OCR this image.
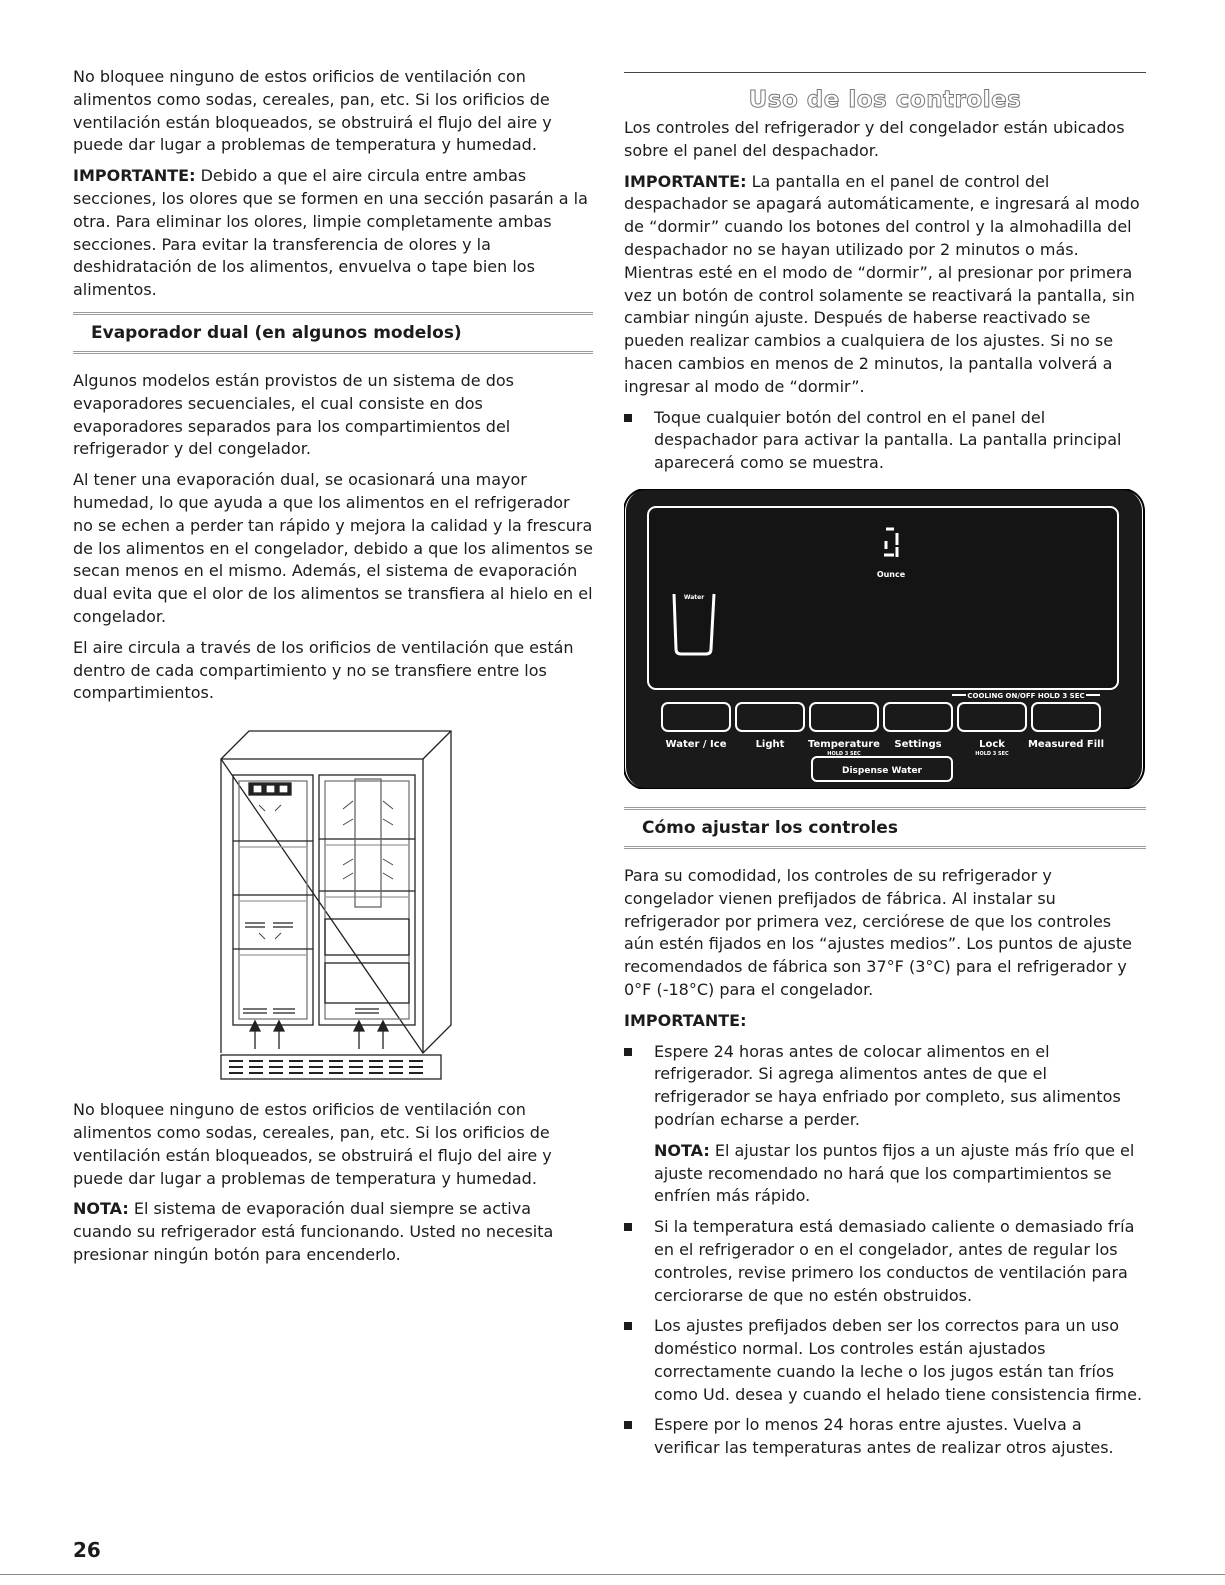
No bloquee ninguno de estos orificios de ventilación con alimentos como sodas, cereales, pan, etc. Si los orificios de ventilación están bloqueados, se obstruirá el flujo del aire y puede dar lugar a problemas de temperatura y humedad.

IMPORTANTE: Debido a que el aire circula entre ambas secciones, los olores que se formen en una sección pasarán a la otra. Para eliminar los olores, limpie completamente ambas secciones. Para evitar la transferencia de olores y la deshidratación de los alimentos, envuelva o tape bien los alimentos.

Evaporador dual (en algunos modelos)

Algunos modelos están provistos de un sistema de dos evaporadores secuenciales, el cual consiste en dos evaporadores separados para los compartimientos del refrigerador y del congelador.

Al tener una evaporación dual, se ocasionará una mayor humedad, lo que ayuda a que los alimentos en el refrigerador no se echen a perder tan rápido y mejora la calidad y la frescura de los alimentos en el congelador, debido a que los alimentos se secan menos en el mismo. Además, el sistema de evaporación dual evita que el olor de los alimentos se transfiera al hielo en el congelador.

El aire circula a través de los orificios de ventilación que están dentro de cada compartimiento y no se transfiere entre los compartimientos.

No bloquee ninguno de estos orificios de ventilación con alimentos como sodas, cereales, pan, etc. Si los orificios de ventilación están bloqueados, se obstruirá el flujo del aire y puede dar lugar a problemas de temperatura y humedad.

NOTA: El sistema de evaporación dual siempre se activa cuando su refrigerador está funcionando. Usted no necesita presionar ningún botón para encenderlo.

Uso de los controles

Los controles del refrigerador y del congelador están ubicados sobre el panel del despachador.

IMPORTANTE: La pantalla en el panel de control del despachador se apagará automáticamente, e ingresará al modo de “dormir” cuando los botones del control y la almohadilla del despachador no se hayan utilizado por 2 minutos o más. Mientras esté en el modo de “dormir”, al presionar por primera vez un botón de control solamente se reactivará la pantalla, sin cambiar ningún ajuste. Después de haberse reactivado se pueden realizar cambios a cualquiera de los ajustes. Si no se hacen cambios en menos de 2 minutos, la pantalla volverá a ingresar al modo de “dormir”.

Toque cualquier botón del control en el panel del despachador para activar la pantalla. La pantalla principal aparecerá como se muestra.

Ounce
Water
COOLING ON/OFF HOLD 3 SEC
Water / Ice	Light Temperature
HOLD 3 SEC
Settings	Lock
HOLD 3 SEC
Measured Fill
Dispense Water
Cómo ajustar los controles

Para su comodidad, los controles de su refrigerador y congelador vienen prefijados de fábrica. Al instalar su refrigerador por primera vez, cerciórese de que los controles aún estén fijados en los “ajustes medios”. Los puntos de ajuste recomendados de fábrica son 37°F (3°C) para el refrigerador y 0°F (-18°C) para el congelador.

IMPORTANTE:

Espere 24 horas antes de colocar alimentos en el refrigerador. Si agrega alimentos antes de que el refrigerador se haya enfriado por completo, sus alimentos podrían echarse a perder.

NOTA: El ajustar los puntos fijos a un ajuste más frío que el ajuste recomendado no hará que los compartimientos se enfríen más rápido.

Si la temperatura está demasiado caliente o demasiado fría en el refrigerador o en el congelador, antes de regular los controles, revise primero los conductos de ventilación para cerciorarse de que no estén obstruidos.

Los ajustes prefijados deben ser los correctos para un uso doméstico normal. Los controles están ajustados correctamente cuando la leche o los jugos están tan fríos como Ud. desea y cuando el helado tiene consistencia firme.

Espere por lo menos 24 horas entre ajustes. Vuelva a verificar las temperaturas antes de realizar otros ajustes.

26
